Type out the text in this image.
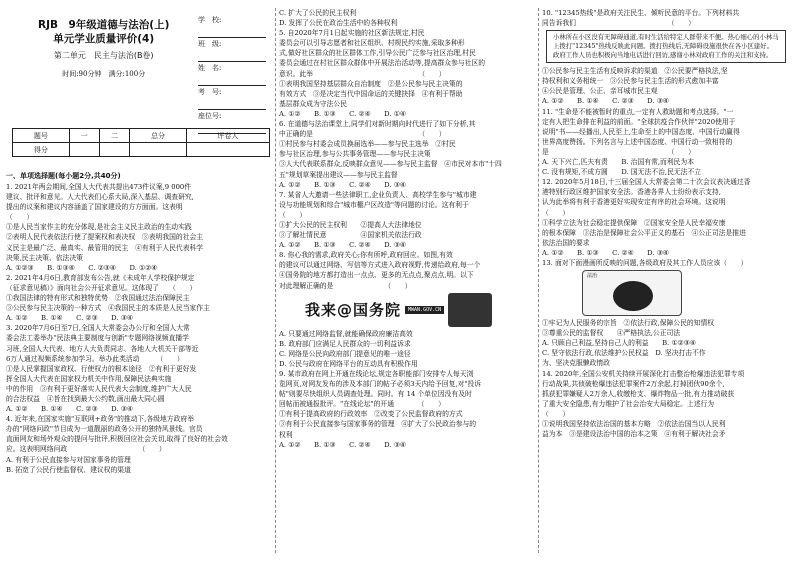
RJB　9年级道德与法治(上)
单元学业质量评价(4)
第二单元　民主与法治(B卷)
时间:90分钟　满分:100分
学　校:
班　级:
姓　名:
考　号:
座位号:
题号	一	二	总分	评卷人
得分				
一、单项选择题(每小题2分,共40分)
1. 2021年两会期间,全国人大代表共提出473件议案,9 000件
建议、批评和意见。人大代表们心系大局,深入基层、调查研究,
提出的议案和建议内容涵盖了国家建设的方方面面。这表明
（　　）
①是人民当家作主的充分体现,是社会主义民主政治的生动实践
②表明人民代表依法行使了提案权和表决权　③表明我国的社会主
义民主是最广泛、最真实、最管用的民主　④有利于人民代表科学
决策,民主决策、依法决策
A. ①②③　　B. ①③④　　C. ②③④　　D. ①②④
2. 2021年4月6日,教育部发布公告,就《未成年人学校保护规定
（征求意见稿）》面向社会公开征求意见。这体现了　　（　　）
①我国法律的特有形式和独特优势　②我国通过法治保障民主
③公民参与民主决策的一种方式　④我国民主的本质是人民当家作主
A. ①②　　B. ①④　　C. ②③　　D. ③④
3. 2020年7月6日至7日,全国人大常委会办公厅和全国人大常
委会法工委举办"民法典主要制度与创新"专题网络视频直播学
习班,全国人大代表、地方人大负责同志、各地人大机关干部等近
6万人通过视频系统参加学习。举办此类活动　　　（　　）
①是人民掌握国家政权、行使权力的根本途径　②有利于更好发
挥全国人大代表在国家权力机关中作用,保障民法典实施
中的作用　③有利于更好落实人民代表大会制度,维护广大人民
的合法权益　④旨在找到最大公约数,画出最大同心圆
A. ①②　　B. ①④　　C. ②③　　D. ③④
4. 近年来,在国家实施"互联网+政务"的推动下,各级地方政府举
办的"网络问政"节目成为一道靓丽的政务公开的独特风景线。官员
直面网友和场外观众的提问与批评,积极回应社会关切,取得了良好的社会效
应。这表明网络问政　　　　　　　　　　　（　　）
A. 有利于公民直接参与对国家事务的管理
B. 拓宽了公民行使监督权、建议权的渠道
C. 扩大了公民的民主权利
D. 发挥了公民在政治生活中的各种权利
5. 自2020年7月1日起实施的社区新法规定,村民
委员会可以引导志愿者和社区组织、村规民约实施,采取多种形
式,做好社区群众的社区群体工作,引导公民广泛参与社区治理,村民
委员会通过在村社区群众群体中开展法治活动等,提高群众参与社区的
意识。此举　　　　　　　　　　　　　　　　（　　）
①表明我国坚持基层群众自治制度　②是公民参与民主决策的
有效方式　③是决定当代中国命运的关键抉择　④有利于帮助
基层群众成为守法公民
A. ①②　　B. ①③　　C. ②④　　D. ①④
6. 在道德与法治课堂上,同学们对新时期向时代进行了如下分析,其
中正确的是　　　　　　　　　　　　　　　　（　　）
①村民参与村委会成员换届选举——参与民主选举　②村民
参与社区治理,参与公共事务管理——参与民主决策
③人大代表联系群众,反映群众意见——参与民主监督　④市民对本市"十四
五"规划草案提出建议——参与民主监督
A. ①②　　B. ①③　　C. ②④　　D. ③④
7. 某省人大邀请一些法律职工,企业负责人、高校学生参与"城市建
设与功能规划和综合"城市棚户区改造"等问题的讨论。这有利于
（　　）
①扩大公民的民主权利　　②提高人大法律地位
③了解社情民意　　　　　④国家机关依法行政
A. ①②　　B. ①③　　C. ②④　　D. ③④
8. 你心我的需求,政府关心;你有所呼,政府回应。如图,有效
的建议可以通过网络、写信等方式进入政府视野,传递给政府,每一个
④国务院的地方都打造出一点点、更多的无点点,聚点点,明。以下
对此理解正确的是　　　　　　　　（　　）
我来@国务院	MWAN.GOV.CN
A. 只要通过网络监督,就能确保政府廉洁高效
B. 政府部门应满足人民群众的一切利益诉求
C. 网络是公民向政府部门提意见的唯一途径
D. 公民与政府在网络平台的互动具有积极作用
9. 某市政府在网上开通在线论坛,规定各职能部门安排专人每天浏
览网页,对网友发布的涉及本部门的帖子必须3天内给予回复,对"投诉
帖"则要尽快组织人员调查处理。同时。有 14 个单位因没有及时
回帖而被通报批评。"在线论坛"的开通　　　　（　　）
①有利于提高政府的行政效率　②改变了公民监督政府的方式
③有利于公民直接参与国家事务的管理　④扩大了公民政治参与的
权利
A. ①②　　B. ①③　　C. ②④　　D. ③④
10. "12345热线"是政府关注民生、倾听民意的平台。下列材料共
同告诉我们　　　　　　　　　　　　　　（　　）
小林所在小区没有无障碍通道,有时生活给特定人群带来不便。热心细心的小林马上拨打"12345"热线反映此问题。拨打热线后,无障碍设施很快在各小区建好。政府工作人员也积极向当地电话进行回访,感谢小林对政府工作的关注和支持。
①公民参与民主生活有反映诉求的渠道　②公民要严格执法,坚
持权利和义务相统一　③公民参与民主生活的形式愈加丰富
④公民是管理、公正、亲耳城市民主观
A. ①②　　B. ①④　　C. ②③　　D. ③④
11. "生命是不能被暂时的重点,一定有人救助题和考点选择。"一
定有人把生命排在利益的前面。"全球抗疫合作伙伴"2020使用于
说明"书——经播出,人民至上,生命至上的中国态度、中国行动赢得
世界高度赞扬。下列名言与上述中国态度、中国行动一致相符的
是　　　　　　　　　　　　　　　　　　（　　）
A. 天下兴亡,匹夫有责　　B. 治国有常,而利民为本
C. 没有规矩,不成方圆　　D. 国无法不治,民无法不立
12. 2020年5月18日,十三届全国人大常委会第二十次会议表决通过香
港特别行政区维护国家安全法。香港各界人士纷纷表示支持,
认为此举将有利于香港更好实现安定有序的社会环境。这说明
（　　）
①科学立法为社会稳定提供保障　②国家安全是人民幸福安康
的根本保障　③法治是保障社会公平正义的基石　④公正司法是推进
依法治国的要求
A. ①②　　B. ①③　　C. ②④　　D. ③④
13. 面对下面漫画所反映的问题,各级政府及其工作人员应该（　　）
法治
①牢记为人民服务的宗旨　②依法行政,保障公民的知情权
③尊重公民的监督权　　④严格执法,公正司法
A. 只顾自己利益,坚持自己人的利益　　B. ①②③④
C. 坚守依法行政,依法维护公民权益　D. 坚决打击不作
为、坚决克服懒政惰政
14. 2020年,全国公安机关持续开展深化打击整治枪爆违法犯罪专项
行动战果,共侦破枪爆违法犯罪案件2万余起,打掉团伙90余个,
抓获犯罪嫌疑人2万余人,收缴枪支、爆炸物品一批,有力推动破获
了重大安全隐患,有力维护了社会治安大局稳定。上述行为
（　　）
①说明我国坚持依法治国的基本方略　②依法治国当以人民利
益为本　③是建设法治中国的治本之策　④有利于解决社会矛
